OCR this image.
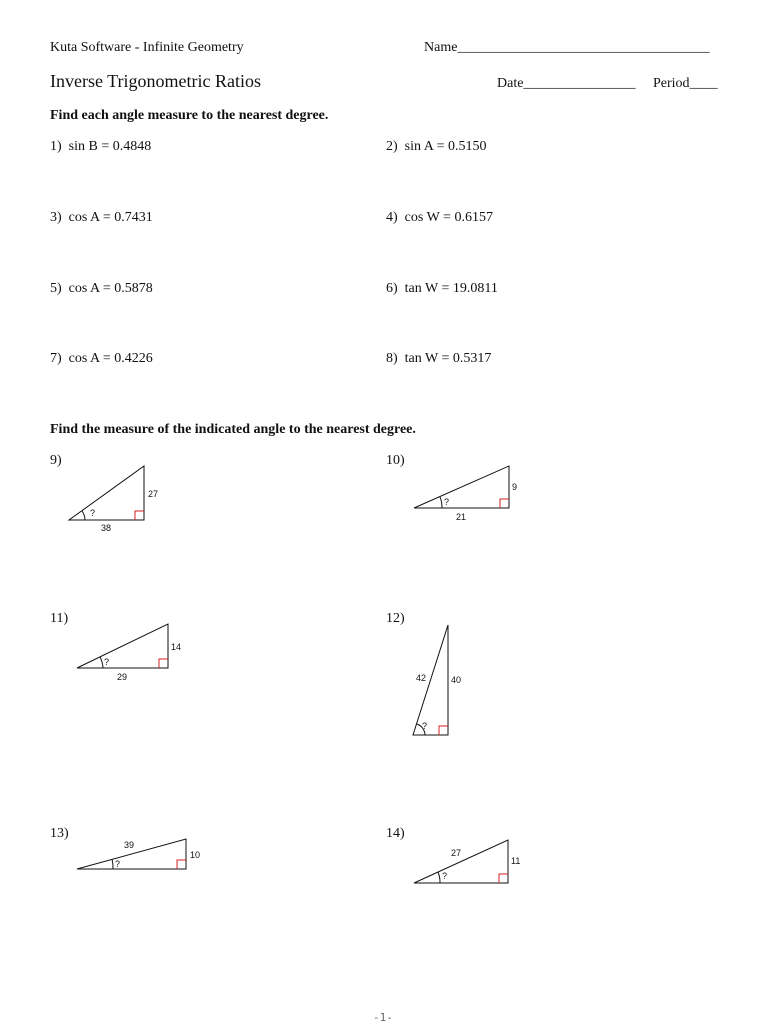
Kuta Software - Infinite Geometry	Name____________________________________
Inverse Trigonometric Ratios	Date________________ Period____
Find each angle measure to the nearest degree.
1) sin B = 0.4848	2) sin A = 0.5150
3) cos A = 0.7431	4) cos W = 0.6157
5) cos A = 0.5878	6) tan W = 19.0811
7) cos A = 0.4226	8) tan W = 0.5317
Find the measure of the indicated angle to the nearest degree.
9)
?
38
27
10)
?
21
9
11)
?
29
14
12)
?
42	40
13)
?
39
10
14)
?
27
11
-1-
